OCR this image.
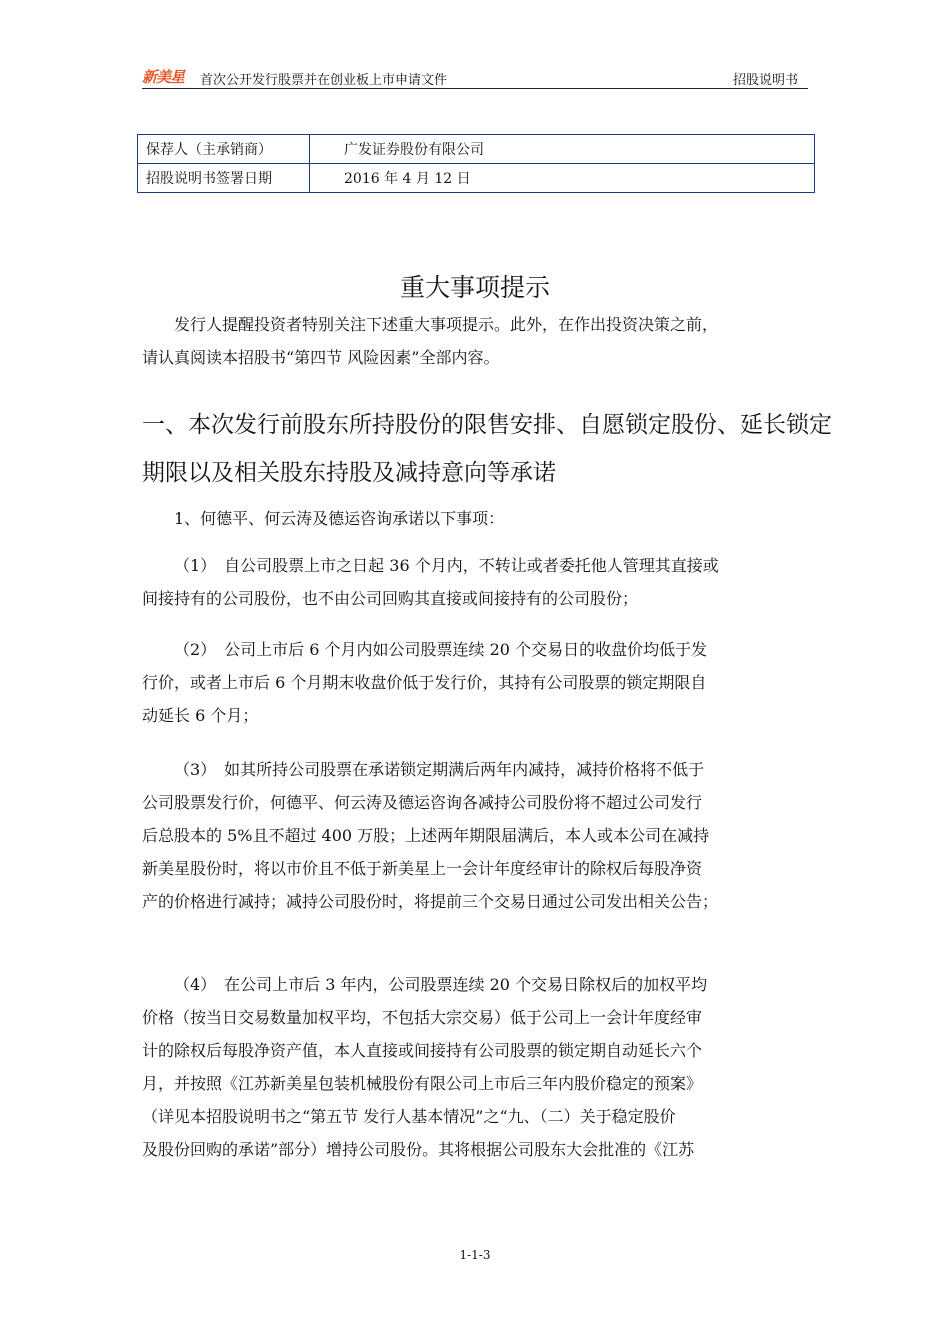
新美星 首次公开发行股票并在创业板上市申请文件	招股说明书
保荐人（主承销商）	广发证券股份有限公司
招股说明书签署日期	2016 年 4 月 12 日
重大事项提示
发行人提醒投资者特别关注下述重大事项提示。此外，在作出投资决策之前，
请认真阅读本招股书“第四节 风险因素”全部内容。
一、本次发行前股东所持股份的限售安排、自愿锁定股份、延长锁定
期限以及相关股东持股及减持意向等承诺
1、何德平、何云涛及德运咨询承诺以下事项：
（1）　自公司股票上市之日起 36 个月内，不转让或者委托他人管理其直接或
间接持有的公司股份，也不由公司回购其直接或间接持有的公司股份；
（2）　公司上市后 6 个月内如公司股票连续 20 个交易日的收盘价均低于发
行价，或者上市后 6 个月期末收盘价低于发行价，其持有公司股票的锁定期限自
动延长 6 个月；
（3）　如其所持公司股票在承诺锁定期满后两年内减持，减持价格将不低于
公司股票发行价，何德平、何云涛及德运咨询各减持公司股份将不超过公司发行
后总股本的 5%且不超过 400 万股；上述两年期限届满后，本人或本公司在减持
新美星股份时，将以市价且不低于新美星上一会计年度经审计的除权后每股净资
产的价格进行减持；减持公司股份时，将提前三个交易日通过公司发出相关公告；
（4）　在公司上市后 3 年内，公司股票连续 20 个交易日除权后的加权平均
价格（按当日交易数量加权平均，不包括大宗交易）低于公司上一会计年度经审
计的除权后每股净资产值，本人直接或间接持有公司股票的锁定期自动延长六个
月，并按照《江苏新美星包装机械股份有限公司上市后三年内股价稳定的预案》
（详见本招股说明书之“第五节 发行人基本情况”之“九、（二）关于稳定股价
及股份回购的承诺”部分）增持公司股份。其将根据公司股东大会批准的《江苏
1-1-3
